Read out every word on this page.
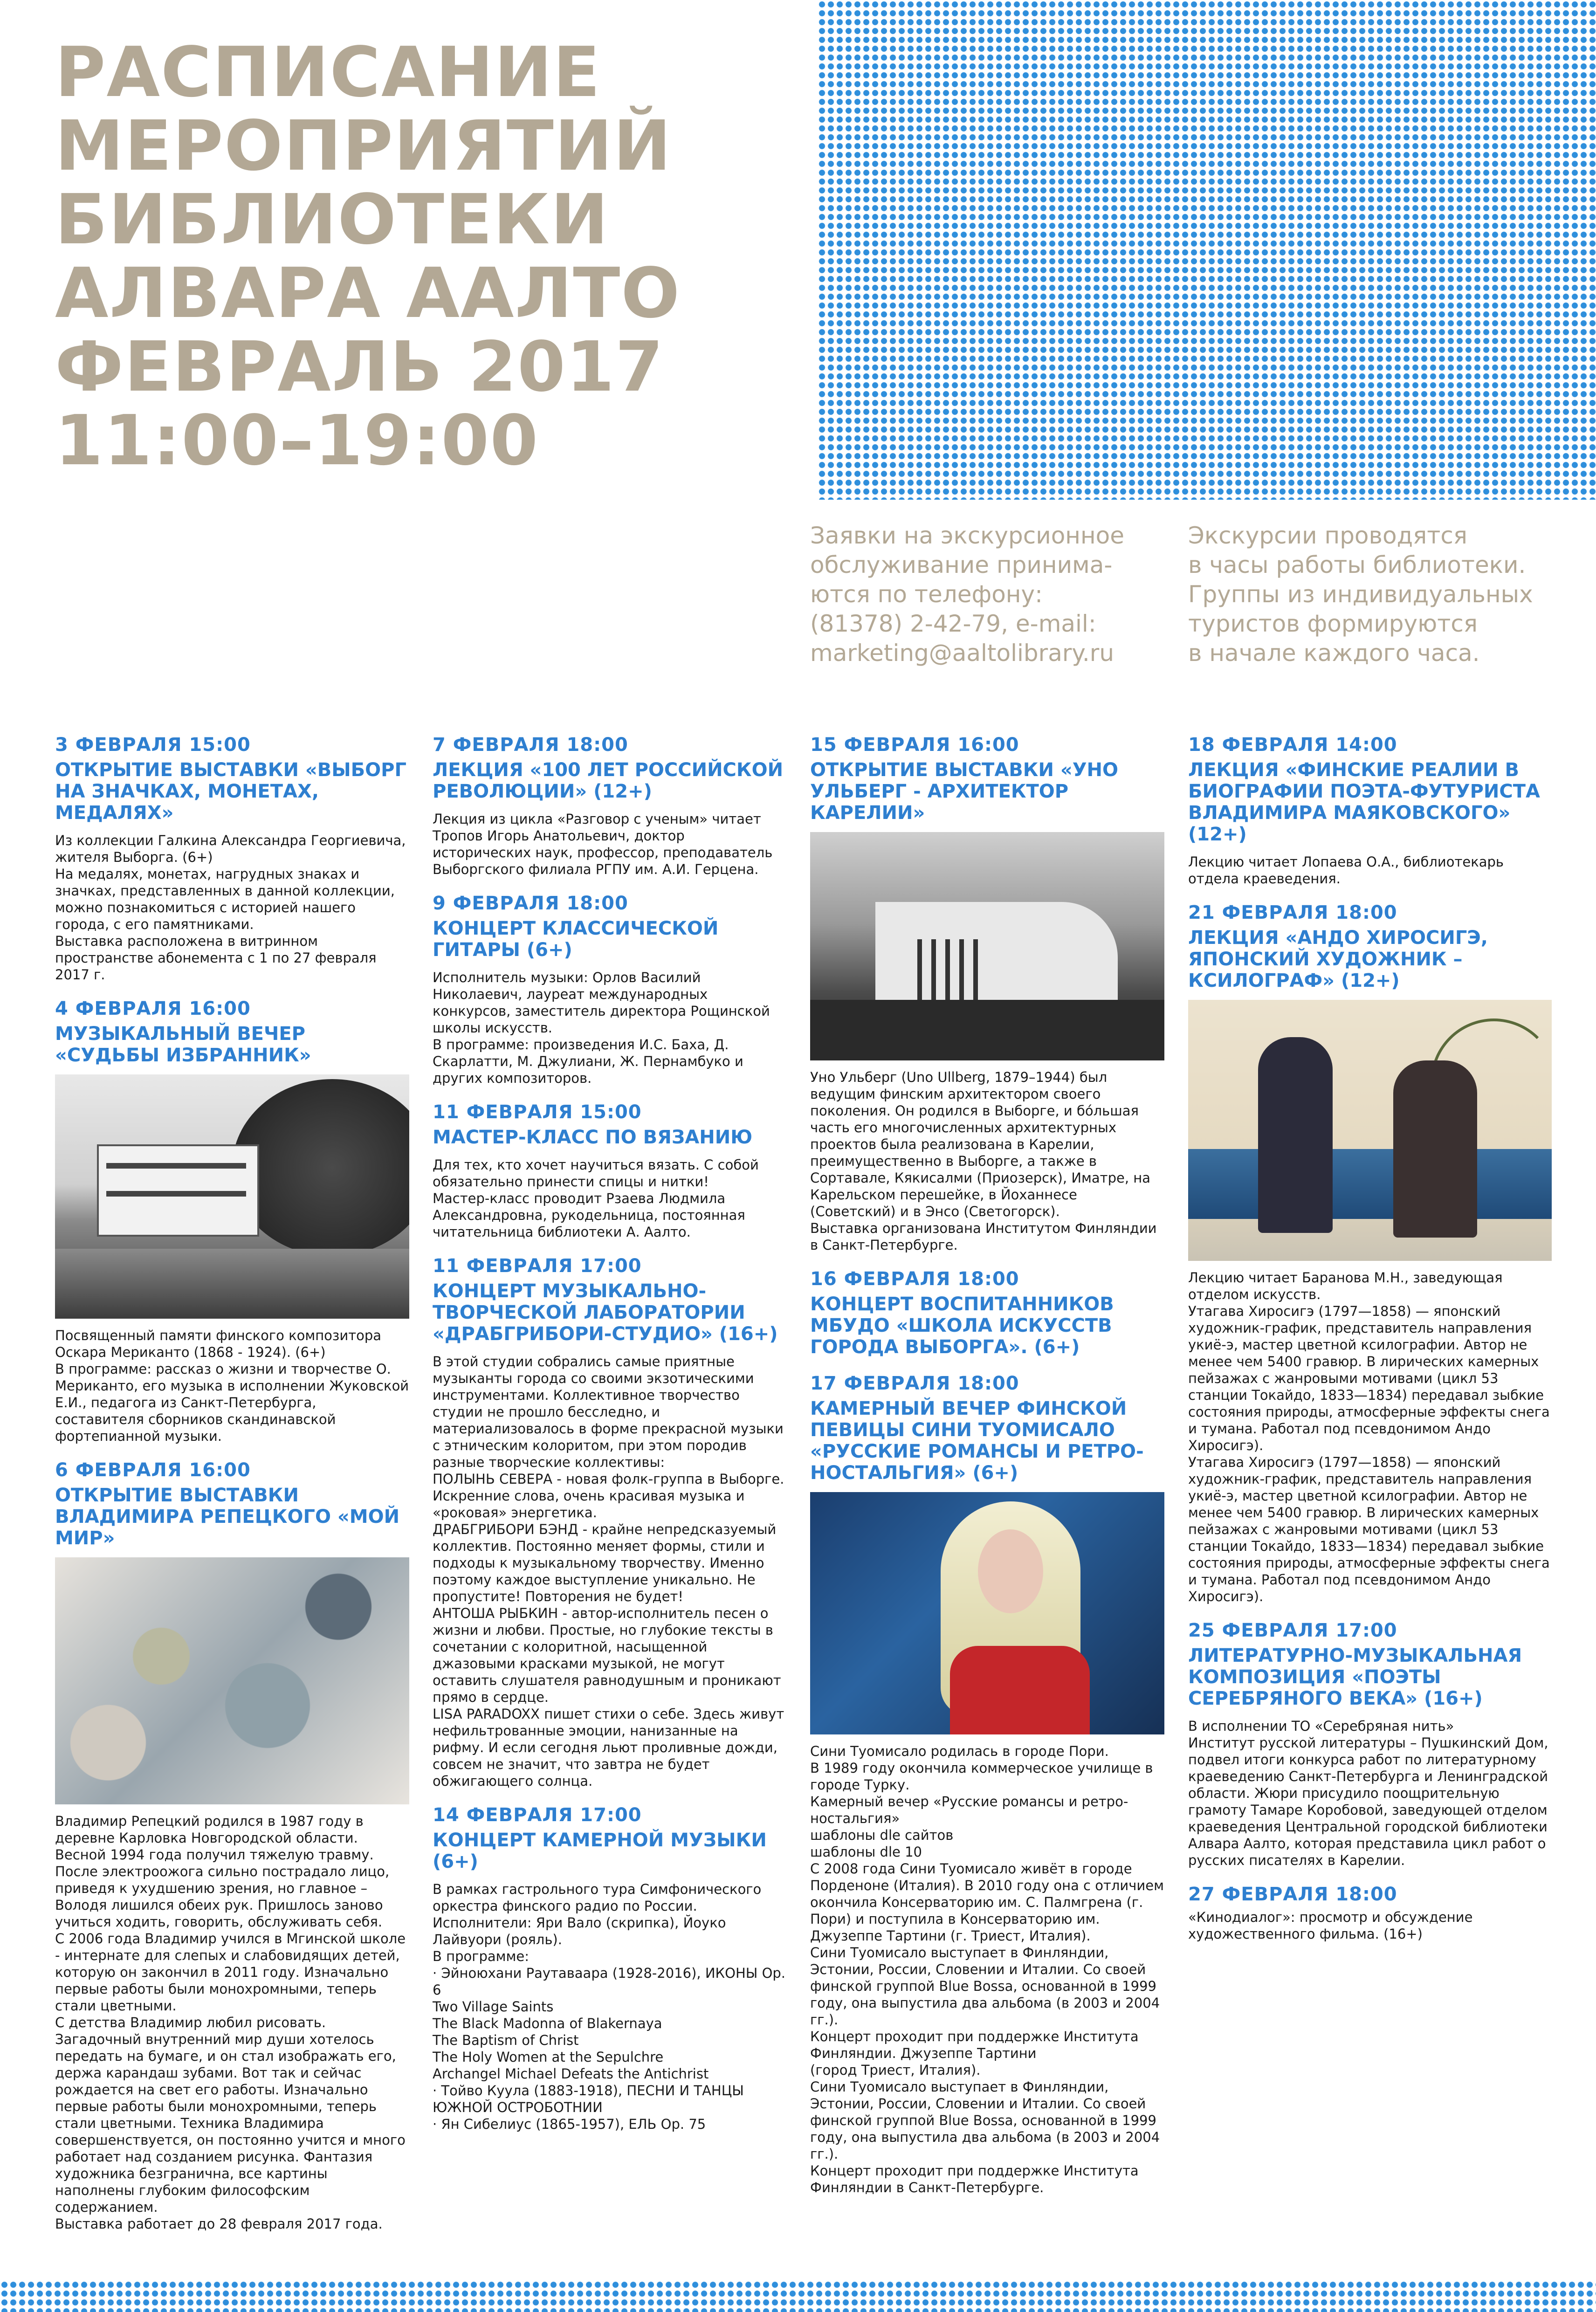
РАСПИСАНИЕ
МЕРОПРИЯТИЙ
БИБЛИОТЕКИ
АЛВАРА ААЛТО
ФЕВРАЛЬ 2017
11:00–19:00
Заявки на экскурсионное
обслуживание принима-
ются по телефону:
(81378) 2-42-79, e-mail:
marketing@aaltolibrary.ru
Экскурсии проводятся
в часы работы библиотеки.
Группы из индивидуальных
туристов формируются
в начале каждого часа.
3 ФЕВРАЛЯ 15:00
ОТКРЫТИЕ ВЫСТАВКИ «ВЫБОРГ НА ЗНАЧКАХ, МОНЕТАХ, МЕДАЛЯХ»
Из коллекции Галкина Александра Георгиевича, жителя Выборга. (6+)
На медалях, монетах, нагрудных знаках и значках, представленных в данной коллекции, можно познакомиться с историей нашего города, с его памятниками.
Выставка расположена в витринном пространстве абонемента с 1 по 27 февраля 2017 г.
4 ФЕВРАЛЯ 16:00
МУЗЫКАЛЬНЫЙ ВЕЧЕР «СУДЬБЫ ИЗБРАННИК»
Посвященный памяти финского композитора Оскара Мериканто (1868 - 1924). (6+)
В программе: рассказ о жизни и творчестве О. Мериканто, его музыка в исполнении Жуковской Е.И., педагога из Санкт-Петербурга, составителя сборников скандинавской фортепианной музыки.
6 ФЕВРАЛЯ 16:00
ОТКРЫТИЕ ВЫСТАВКИ ВЛАДИМИРА РЕПЕЦКОГО «МОЙ МИР»
Владимир Репецкий родился в 1987 году в деревне Карловка Новгородской области. Весной 1994 года получил тяжелую травму. После электроожога сильно пострадало лицо, приведя к ухудшению зрения, но главное – Володя лишился обеих рук. Пришлось заново учиться ходить, говорить, обслуживать себя.
С 2006 года Владимир учился в Мгинской школе - интернате для слепых и слабовидящих детей, которую он закончил в 2011 году. Изначально первые работы были монохромными, теперь стали цветными.
С детства Владимир любил рисовать. Загадочный внутренний мир души хотелось передать на бумаге, и он стал изображать его, держа карандаш зубами. Вот так и сейчас рождается на свет его работы. Изначально первые работы были монохромными, теперь стали цветными. Техника Владимира совершенствуется, он постоянно учится и много работает над созданием рисунка. Фантазия художника безгранична, все картины наполнены глубоким философским содержанием.
Выставка работает до 28 февраля 2017 года.
7 ФЕВРАЛЯ 18:00
ЛЕКЦИЯ «100 ЛЕТ РОССИЙСКОЙ РЕВОЛЮЦИИ» (12+)
Лекция из цикла «Разговор с ученым» читает Тропов Игорь Анатольевич, доктор исторических наук, профессор, преподаватель Выборгского филиала РГПУ им. А.И. Герцена.
9 ФЕВРАЛЯ 18:00
КОНЦЕРТ КЛАССИЧЕСКОЙ ГИТАРЫ (6+)
Исполнитель музыки: Орлов Василий Николаевич, лауреат международных конкурсов, заместитель директора Рощинской школы искусств.
В программе: произведения И.С. Баха, Д. Скарлатти, М. Джулиани, Ж. Пернамбуко и других композиторов.
11 ФЕВРАЛЯ 15:00
МАСТЕР-КЛАСС ПО ВЯЗАНИЮ
Для тех, кто хочет научиться вязать. С собой обязательно принести спицы и нитки!
Мастер-класс проводит Рзаева Людмила Александровна, рукодельница, постоянная читательница библиотеки А. Аалто.
11 ФЕВРАЛЯ 17:00
КОНЦЕРТ МУЗЫКАЛЬНО-ТВОРЧЕСКОЙ ЛАБОРАТОРИИ «ДРАБГРИБОРИ-СТУДИО» (16+)
В этой студии собрались самые приятные музыканты города со своими экзотическими инструментами. Коллективное творчество студии не прошло бесследно, и материализовалось в форме прекрасной музыки с этническим колоритом, при этом породив разные творческие коллективы:
ПОЛЫНЬ СЕВЕРА - новая фолк-группа в Выборге. Искренние слова, очень красивая музыка и «роковая» энергетика.
ДРАБГРИБОРИ БЭНД - крайне непредсказуемый коллектив. Постоянно меняет формы, стили и подходы к музыкальному творчеству. Именно поэтому каждое выступление уникально. Не пропустите! Повторения не будет!
АНТОША РЫБКИН - автор-исполнитель песен о жизни и любви. Простые, но глубокие тексты в сочетании с колоритной, насыщенной джазовыми красками музыкой, не могут оставить слушателя равнодушным и проникают прямо в сердце.
LISA PARADOXX пишет стихи о себе. Здесь живут нефильтрованные эмоции, нанизанные на рифму. И если сегодня льют проливные дожди, совсем не значит, что завтра не будет обжигающего солнца.
14 ФЕВРАЛЯ 17:00
КОНЦЕРТ КАМЕРНОЙ МУЗЫКИ (6+)
В рамках гастрольного тура Симфонического оркестра финского радио по России.
Исполнители: Яри Вало (скрипка), Йоуко Лайвуори (рояль).
В программе:
· Эйноюхани Раутаваара (1928-2016), ИКОНЫ Op. 6
Two Village Saints
The Black Madonna of Blakernaya
The Baptism of Christ
The Holy Women at the Sepulchre
Archangel Michael Defeats the Antichrist
· Тойво Куула (1883-1918), ПЕСНИ И ТАНЦЫ ЮЖНОЙ ОСТРОБОТНИИ
· Ян Сибелиус (1865-1957), ЕЛЬ Op. 75
15 ФЕВРАЛЯ 16:00
ОТКРЫТИЕ ВЫСТАВКИ «УНО УЛЬБЕРГ - АРХИТЕКТОР КАРЕЛИИ»
Уно Ульберг (Uno Ullberg, 1879–1944) был ведущим финским архитектором своего поколения. Он родился в Выборге, и бóльшая часть его многочисленных архитектурных проектов была реализована в Карелии, преимущественно в Выборге, а также в Сортавале, Кякисалми (Приозерск), Иматре, на Карельском перешейке, в Йоханнесе (Советский) и в Энсо (Светогорск).
Выставка организована Институтом Финляндии в Санкт-Петербурге.
16 ФЕВРАЛЯ 18:00
КОНЦЕРТ ВОСПИТАННИКОВ МБУДО «ШКОЛА ИСКУССТВ ГОРОДА ВЫБОРГА». (6+)
17 ФЕВРАЛЯ 18:00
КАМЕРНЫЙ ВЕЧЕР ФИНСКОЙ ПЕВИЦЫ СИНИ ТУОМИСАЛО «РУССКИЕ РОМАНСЫ И РЕТРО-НОСТАЛЬГИЯ» (6+)
Сини Туомисало родилась в городе Пори.
В 1989 году окончила коммерческое училище в городе Турку.
Камерный вечер «Русские романсы и ретро-ностальгия»
шаблоны dle сайтов
шаблоны dle 10
С 2008 года Сини Туомисало живёт в городе Порденоне (Италия). В 2010 году она с отличием окончила Консерваторию им. С. Палмгрена (г. Пори) и поступила в Консерваторию им. Джузеппе Тартини (г. Триест, Италия).
Сини Туомисало выступает в Финляндии, Эстонии, России, Словении и Италии. Со своей финской группой Blue Bossa, основанной в 1999 году, она выпустила два альбома (в 2003 и 2004 гг.).
Концерт проходит при поддержке Института Финляндии. Джузеппе Тартини
(город Триест, Италия).
Сини Туомисало выступает в Финляндии, Эстонии, России, Словении и Италии. Со своей финской группой Blue Bossa, основанной в 1999 году, она выпустила два альбома (в 2003 и 2004 гг.).
Концерт проходит при поддержке Института Финляндии в Санкт-Петербурге.
18 ФЕВРАЛЯ 14:00
ЛЕКЦИЯ «ФИНСКИЕ РЕАЛИИ В БИОГРАФИИ ПОЭТА-ФУТУРИСТА ВЛАДИМИРА МАЯКОВСКОГО» (12+)
Лекцию читает Лопаева О.А., библиотекарь отдела краеведения.
21 ФЕВРАЛЯ 18:00
ЛЕКЦИЯ «АНДО ХИРОСИГЭ, ЯПОНСКИЙ ХУДОЖНИК – КСИЛОГРАФ» (12+)
Лекцию читает Баранова М.Н., заведующая отделом искусств.
Утагава Хиросигэ (1797—1858) — японский художник-график, представитель направления укиё-э, мастер цветной ксилографии. Автор не менее чем 5400 гравюр. В лирических камерных пейзажах с жанровыми мотивами (цикл 53 станции Токайдо, 1833—1834) передавал зыбкие состояния природы, атмосферные эффекты снега и тумана. Работал под псевдонимом Андо Хиросигэ).
Утагава Хиросигэ (1797—1858) — японский художник-график, представитель направления укиё-э, мастер цветной ксилографии. Автор не менее чем 5400 гравюр. В лирических камерных пейзажах с жанровыми мотивами (цикл 53 станции Токайдо, 1833—1834) передавал зыбкие состояния природы, атмосферные эффекты снега и тумана. Работал под псевдонимом Андо Хиросигэ).
25 ФЕВРАЛЯ 17:00
ЛИТЕРАТУРНО-МУЗЫКАЛЬНАЯ КОМПОЗИЦИЯ «ПОЭТЫ СЕРЕБРЯНОГО ВЕКА» (16+)
В исполнении ТО «Серебряная нить»
Институт русской литературы – Пушкинский Дом, подвел итоги конкурса работ по литературному краеведению Санкт-Петербурга и Ленинградской области. Жюри присудило поощрительную грамоту Тамаре Коробовой, заведующей отделом краеведения Центральной городской библиотеки Алвара Аалто, которая представила цикл работ о русских писателях в Карелии.
27 ФЕВРАЛЯ 18:00
«Кинодиалог»: просмотр и обсуждение художественного фильма. (16+)
